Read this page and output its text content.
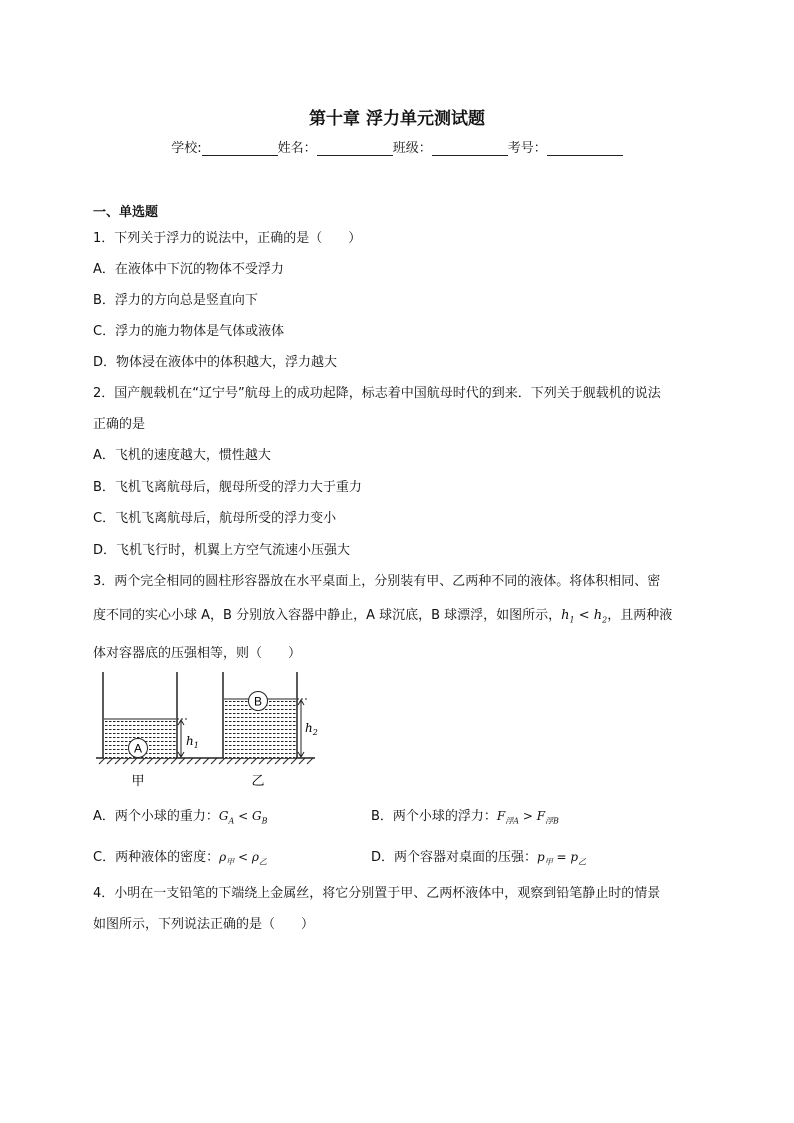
第十章 浮力单元测试题
学校:	姓名：	班级：	考号：
一、单选题
1．下列关于浮力的说法中，正确的是（　　）
A．在液体中下沉的物体不受浮力
B．浮力的方向总是竖直向下
C．浮力的施力物体是气体或液体
D．物体浸在液体中的体积越大，浮力越大
2．国产舰载机在“辽宁号”航母上的成功起降，标志着中国航母时代的到来．下列关于舰载机的说法
正确的是
A．飞机的速度越大，惯性越大
B．飞机飞离航母后，舰母所受的浮力大于重力
C．飞机飞离航母后，航母所受的浮力变小
D．飞机飞行时，机翼上方空气流速小压强大
3．两个完全相同的圆柱形容器放在水平桌面上，分别装有甲、乙两种不同的液体。将体积相同、密
度不同的实心小球 A，B 分别放入容器中静止，A 球沉底，B 球漂浮，如图所示，$h_1 < h_2$，且两种液
体对容器底的压强相等，则（　　）
A
$h_1$
甲
B
$h_2$
乙
A．两个小球的重力：$G_A < G_B$	B．两个小球的浮力：$F_{浮A} > F_{浮B}$
C．两种液体的密度：$\rho_甲 < \rho_乙$	D．两个容器对桌面的压强：$p_甲 = p_乙$
4．小明在一支铅笔的下端绕上金属丝，将它分别置于甲、乙两杯液体中，观察到铅笔静止时的情景
如图所示，下列说法正确的是（　　）
